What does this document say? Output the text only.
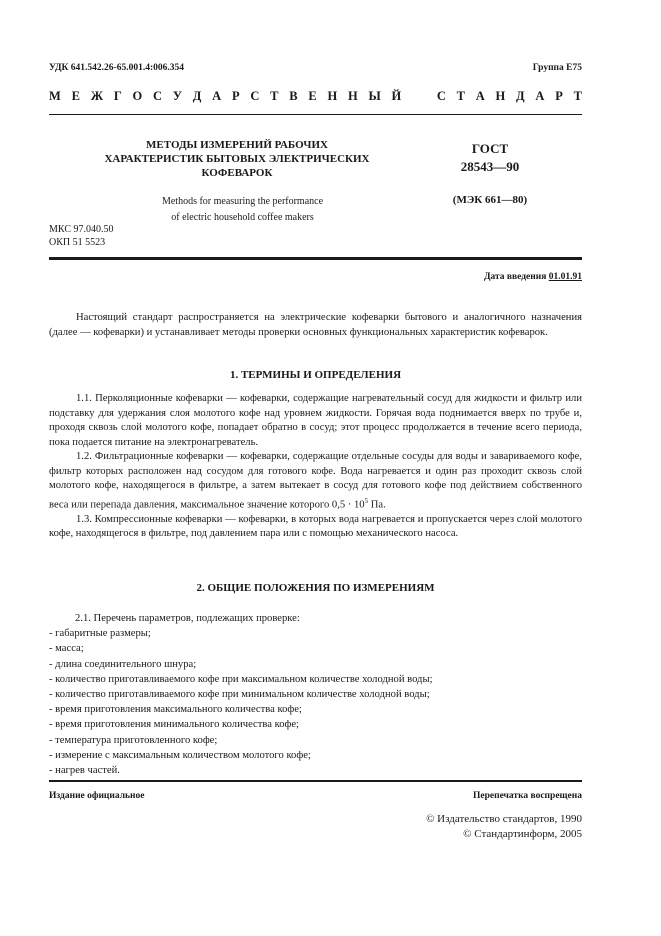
УДК 641.542.26-65.001.4:006.354	Группа Е75
М Е Ж Г О С У Д А Р С Т В Е Н Н Ы Й	С Т А Н Д А Р Т
МЕТОДЫ ИЗМЕРЕНИЙ РАБОЧИХ
ХАРАКТЕРИСТИК БЫТОВЫХ ЭЛЕКТРИЧЕСКИХ
КОФЕВАРОК
Methods for measuring the performance
of electric household coffee makers
ГОСТ
28543—90
(МЭК 661—80)
МКС 97.040.50
ОКП 51 5523
Дата введения 01.01.91

Настоящий стандарт распространяется на электрические кофеварки бытового и аналогичного назначения (далее — кофеварки) и устанавливает методы проверки основных функциональных характеристик кофеварок.

1. ТЕРМИНЫ И ОПРЕДЕЛЕНИЯ

1.1. Перколяционные кофеварки — кофеварки, содержащие нагревательный сосуд для жидкости и фильтр или подставку для удержания слоя молотого кофе над уровнем жидкости. Горячая вода поднимается вверх по трубе и, проходя сквозь слой молотого кофе, попадает обратно в сосуд; этот процесс продолжается в течение всего периода, пока подается питание на электронагреватель.

1.2. Фильтрационные кофеварки — кофеварки, содержащие отдельные сосуды для воды и завариваемого кофе, фильтр которых расположен над сосудом для готового кофе. Вода нагревается и один раз проходит сквозь слой молотого кофе, находящегося в фильтре, а затем вытекает в сосуд для готового кофе под действием собственного веса или перепада давления, максимальное значение которого $0,5 \cdot 10^5$ Па.

1.3. Компрессионные кофеварки — кофеварки, в которых вода нагревается и пропускается через слой молотого кофе, находящегося в фильтре, под давлением пара или с помощью механического насоса.

2. ОБЩИЕ ПОЛОЖЕНИЯ ПО ИЗМЕРЕНИЯМ
2.1. Перечень параметров, подлежащих проверке:
- габаритные размеры;
- масса;
- длина соединительного шнура;
- количество приготавливаемого кофе при максимальном количестве холодной воды;
- количество приготавливаемого кофе при минимальном количестве холодной воды;
- время приготовления максимального количества кофе;
- время приготовления минимального количества кофе;
- температура приготовленного кофе;
- измерение с максимальным количеством молотого кофе;
- нагрев частей.
Издание официальное	Перепечатка воспрещена
© Издательство стандартов, 1990
© Стандартинформ, 2005
